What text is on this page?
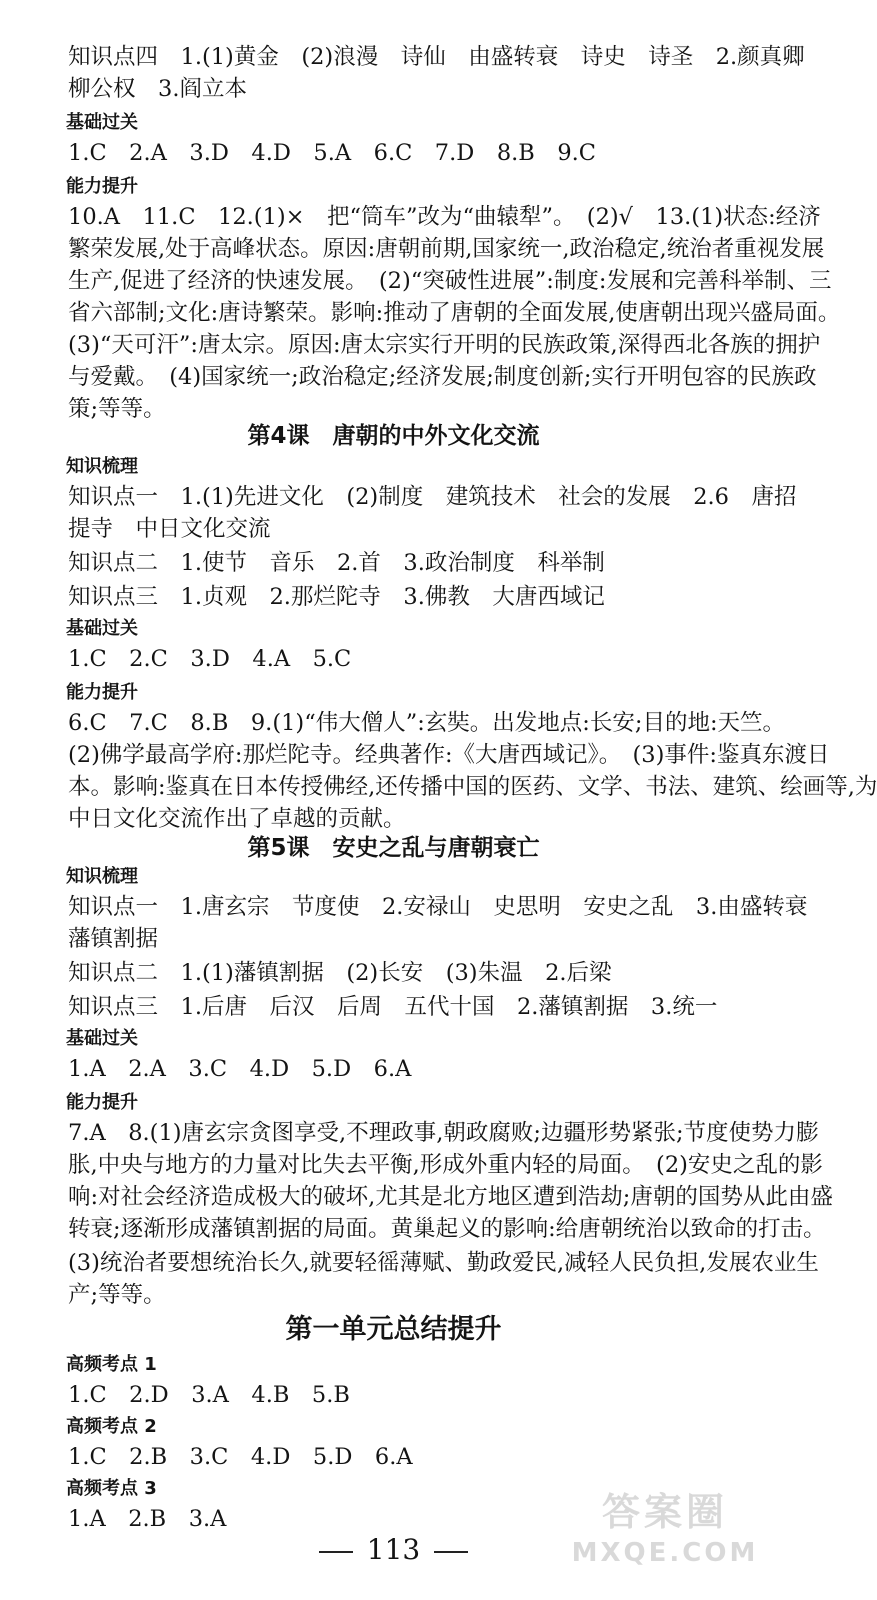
知识点四　1.(1)黄金　(2)浪漫　诗仙　由盛转衰　诗史　诗圣　2.颜真卿
柳公权　3.阎立本
基础过关
1.C　2.A　3.D　4.D　5.A　6.C　7.D　8.B　9.C
能力提升
10.A　11.C　12.(1)×　把“筒车”改为“曲辕犁”。　(2)√　13.(1)状态:经济
繁荣发展,处于高峰状态。原因:唐朝前期,国家统一,政治稳定,统治者重视发展
生产,促进了经济的快速发展。　(2)“突破性进展”:制度:发展和完善科举制、三
省六部制;文化:唐诗繁荣。影响:推动了唐朝的全面发展,使唐朝出现兴盛局面。
(3)“天可汗”:唐太宗。原因:唐太宗实行开明的民族政策,深得西北各族的拥护
与爱戴。　(4)国家统一;政治稳定;经济发展;制度创新;实行开明包容的民族政
策;等等。
第4课　唐朝的中外文化交流
知识梳理
知识点一　1.(1)先进文化　(2)制度　建筑技术　社会的发展　2.6　唐招
提寺　中日文化交流
知识点二　1.使节　音乐　2.首　3.政治制度　科举制
知识点三　1.贞观　2.那烂陀寺　3.佛教　大唐西域记
基础过关
1.C　2.C　3.D　4.A　5.C
能力提升
6.C　7.C　8.B　9.(1)“伟大僧人”:玄奘。出发地点:长安;目的地:天竺。
(2)佛学最高学府:那烂陀寺。经典著作:《大唐西域记》。　(3)事件:鉴真东渡日
本。影响:鉴真在日本传授佛经,还传播中国的医药、文学、书法、建筑、绘画等,为
中日文化交流作出了卓越的贡献。
第5课　安史之乱与唐朝衰亡
知识梳理
知识点一　1.唐玄宗　节度使　2.安禄山　史思明　安史之乱　3.由盛转衰
藩镇割据
知识点二　1.(1)藩镇割据　(2)长安　(3)朱温　2.后梁
知识点三　1.后唐　后汉　后周　五代十国　2.藩镇割据　3.统一
基础过关
1.A　2.A　3.C　4.D　5.D　6.A
能力提升
7.A　8.(1)唐玄宗贪图享受,不理政事,朝政腐败;边疆形势紧张;节度使势力膨
胀,中央与地方的力量对比失去平衡,形成外重内轻的局面。　(2)安史之乱的影
响:对社会经济造成极大的破坏,尤其是北方地区遭到浩劫;唐朝的国势从此由盛
转衰;逐渐形成藩镇割据的局面。黄巢起义的影响:给唐朝统治以致命的打击。
(3)统治者要想统治长久,就要轻徭薄赋、勤政爱民,减轻人民负担,发展农业生
产;等等。
第一单元总结提升
高频考点 1
1.C　2.D　3.A　4.B　5.B
高频考点 2
1.C　2.B　3.C　4.D　5.D　6.A
高频考点 3
1.A　2.B　3.A
113
答案圈
MXQE.COM
